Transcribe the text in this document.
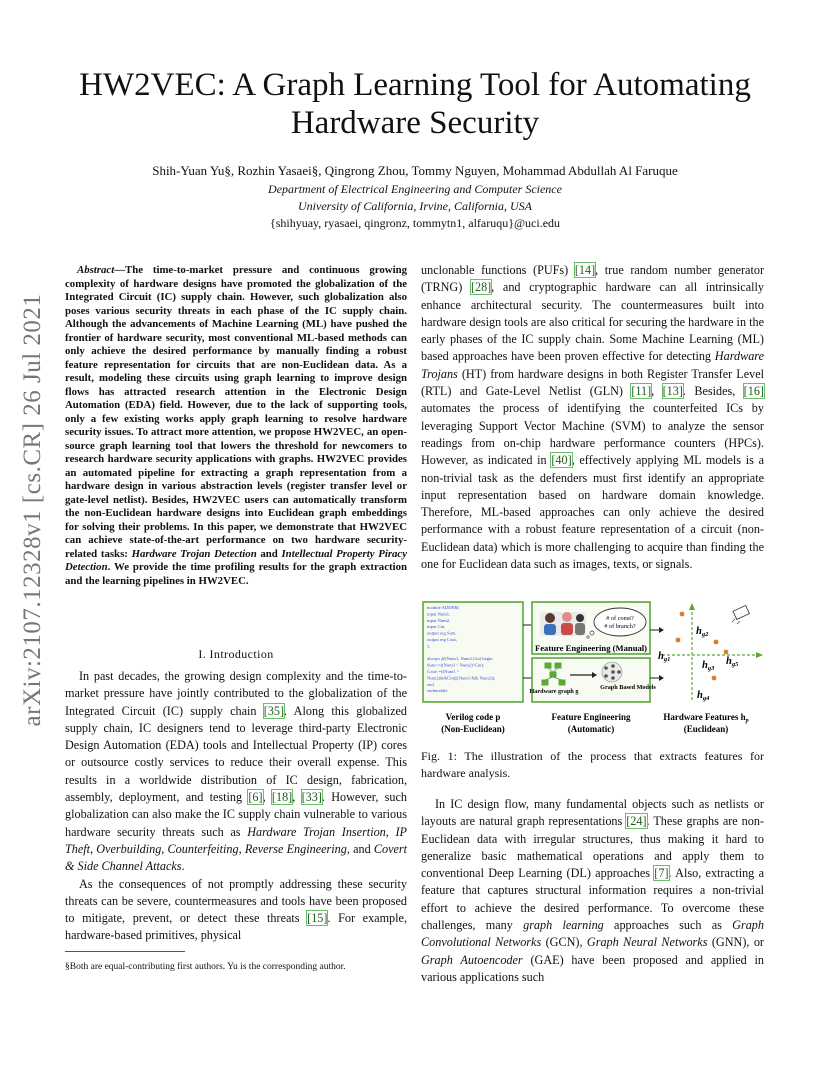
arXiv:2107.12328v1 [cs.CR] 26 Jul 2021
HW2VEC: A Graph Learning Tool for Automating Hardware Security
Shih-Yuan Yu§, Rozhin Yasaei§, Qingrong Zhou, Tommy Nguyen, Mohammad Abdullah Al Faruque
Department of Electrical Engineering and Computer Science
University of California, Irvine, California, USA
{shihyuay, ryasaei, qingronz, tommytn1, alfaruqu}@uci.edu
Abstract—The time-to-market pressure and continuous growing complexity of hardware designs have promoted the globalization of the Integrated Circuit (IC) supply chain. However, such globalization also poses various security threats in each phase of the IC supply chain. Although the advancements of Machine Learning (ML) have pushed the frontier of hardware security, most conventional ML-based methods can only achieve the desired performance by manually finding a robust feature representation for circuits that are non-Euclidean data. As a result, modeling these circuits using graph learning to improve design flows has attracted research attention in the Electronic Design Automation (EDA) field. However, due to the lack of supporting tools, only a few existing works apply graph learning to resolve hardware security issues. To attract more attention, we propose HW2VEC, an open-source graph learning tool that lowers the threshold for newcomers to research hardware security applications with graphs. HW2VEC provides an automated pipeline for extracting a graph representation from a hardware design in various abstraction levels (register transfer level or gate-level netlist). Besides, HW2VEC users can automatically transform the non-Euclidean hardware designs into Euclidean graph embeddings for solving their problems. In this paper, we demonstrate that HW2VEC can achieve state-of-the-art performance on two hardware security-related tasks: Hardware Trojan Detection and Intellectual Property Piracy Detection. We provide the time profiling results for the graph extraction and the learning pipelines in HW2VEC.
I. Introduction

In past decades, the growing design complexity and the time-to-market pressure have jointly contributed to the globalization of the Integrated Circuit (IC) supply chain [35]. Along this globalized supply chain, IC designers tend to leverage third-party Electronic Design Automation (EDA) tools and Intellectual Property (IP) cores or outsource costly services to reduce their overall expense. This results in a worldwide distribution of IC design, fabrication, assembly, deployment, and testing [6], [18], [33]. However, such globalization can also make the IC supply chain vulnerable to various hardware security threats such as Hardware Trojan Insertion, IP Theft, Overbuilding, Counterfeiting, Reverse Engineering, and Covert & Side Channel Attacks.

As the consequences of not promptly addressing these security threats can be severe, countermeasures and tools have been proposed to mitigate, prevent, or detect these threats [15]. For example, hardware-based primitives, physical

§Both are equal-contributing first authors. Yu is the corresponding author.
unclonable functions (PUFs) [14], true random number generator (TRNG) [28], and cryptographic hardware can all intrinsically enhance architectural security. The countermeasures built into hardware design tools are also critical for securing the hardware in the early phases of the IC supply chain. Some Machine Learning (ML) based approaches have been proven effective for detecting Hardware Trojans (HT) from hardware designs in both Register Transfer Level (RTL) and Gate-Level Netlist (GLN) [11], [13]. Besides, [16] automates the process of identifying the counterfeited ICs by leveraging Support Vector Machine (SVM) to analyze the sensor readings from on-chip hardware performance counters (HPCs). However, as indicated in [40], effectively applying ML models is a non-trivial task as the defenders must first identify an appropriate input representation based on hardware domain knowledge. Therefore, ML-based approaches can only achieve the desired performance with a robust feature representation of a circuit (non-Euclidean data) which is more challenging to acquire than finding the one for Euclidean data such as images, texts, or signals.
module ADDER(
input Num1,
input Num2,
input Cin,
output reg Sum,
output reg Cout,
);
always @(Num1, Num2,Cin) begin
Sum<=((Num1 ^ Num2)^Cin);
Cout<=((Num1 ^
Num2)&&Cin)||(Num1 && Num2));
end
endmodule
# of const?
# of branch?
Feature Engineering (Manual)
Hardware graph g
Graph Based Models
hg2
hg1
hg3
hg5
hg4
Verilog code p
(Non-Euclidean)
Feature Engineering
(Automatic)
Hardware Features $h_p$
(Euclidean)
Fig. 1: The illustration of the process that extracts features for hardware analysis.

In IC design flow, many fundamental objects such as netlists or layouts are natural graph representations [24]. These graphs are non-Euclidean data with irregular structures, thus making it hard to generalize basic mathematical operations and apply them to conventional Deep Learning (DL) approaches [7]. Also, extracting a feature that captures structural information requires a non-trivial effort to achieve the desired performance. To overcome these challenges, many graph learning approaches such as Graph Convolutional Networks (GCN), Graph Neural Networks (GNN), or Graph Autoencoder (GAE) have been proposed and applied in various applications such
